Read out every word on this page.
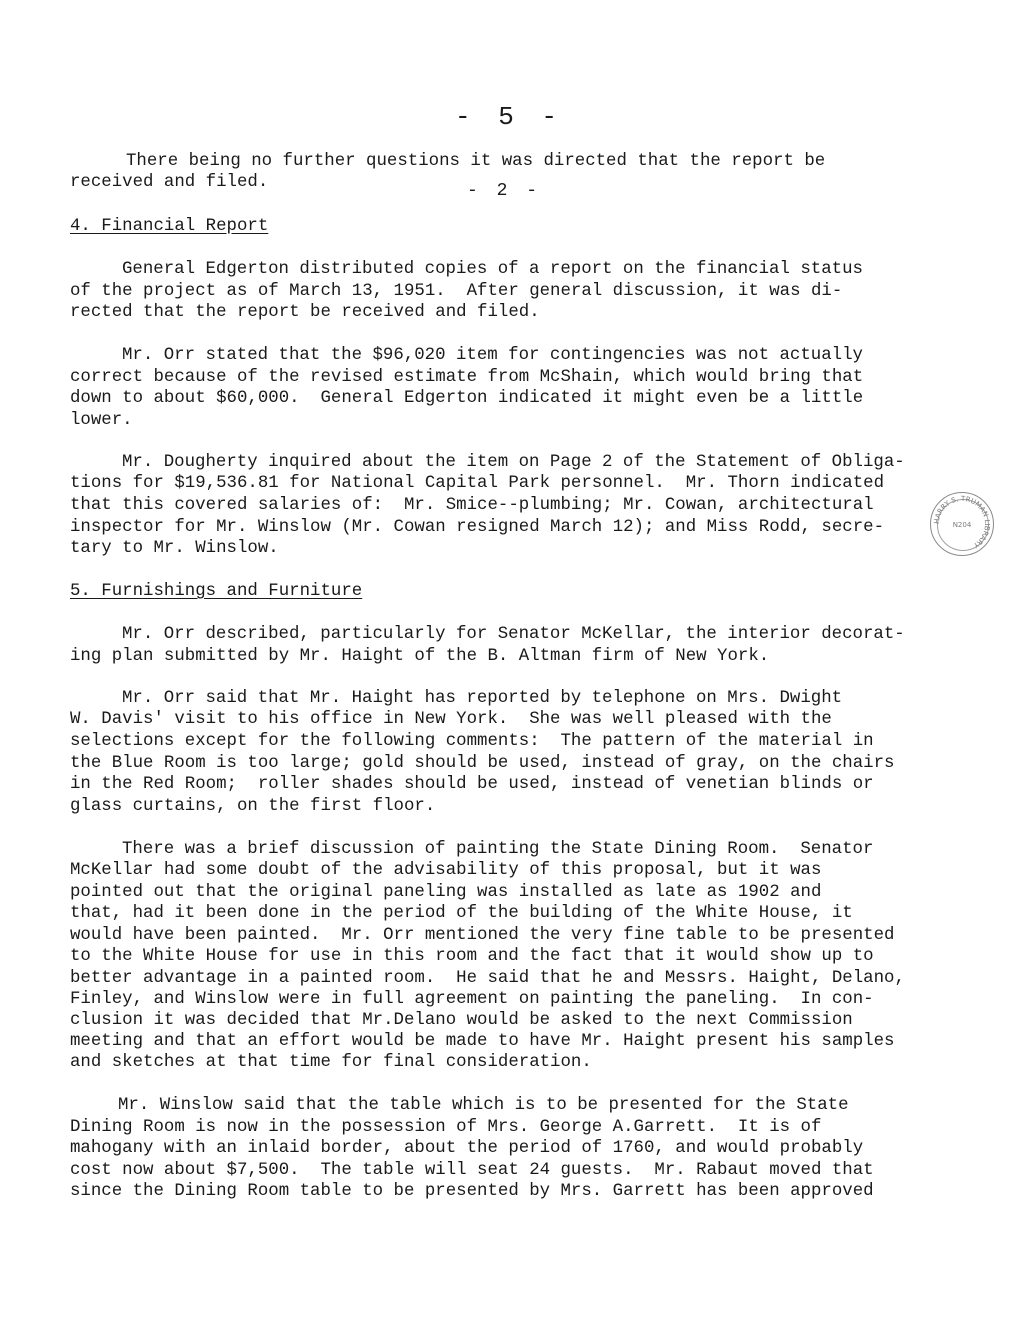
- 5 -
- 2 -
There being no further questions it was directed that the report be
received and filed.
4. Financial Report
General Edgerton distributed copies of a report on the financial status
of the project as of March 13, 1951.  After general discussion, it was di-
rected that the report be received and filed.
Mr. Orr stated that the $96,020 item for contingencies was not actually
correct because of the revised estimate from McShain, which would bring that
down to about $60,000.  General Edgerton indicated it might even be a little
lower.
Mr. Dougherty inquired about the item on Page 2 of the Statement of Obliga-
tions for $19,536.81 for National Capital Park personnel.  Mr. Thorn indicated
that this covered salaries of:  Mr. Smice--plumbing; Mr. Cowan, architectural
inspector for Mr. Winslow (Mr. Cowan resigned March 12); and Miss Rodd, secre-
tary to Mr. Winslow.
5. Furnishings and Furniture
Mr. Orr described, particularly for Senator McKellar, the interior decorat-
ing plan submitted by Mr. Haight of the B. Altman firm of New York.
Mr. Orr said that Mr. Haight has reported by telephone on Mrs. Dwight
W. Davis' visit to his office in New York.  She was well pleased with the
selections except for the following comments:  The pattern of the material in
the Blue Room is too large; gold should be used, instead of gray, on the chairs
in the Red Room;  roller shades should be used, instead of venetian blinds or
glass curtains, on the first floor.
There was a brief discussion of painting the State Dining Room.  Senator
McKellar had some doubt of the advisability of this proposal, but it was
pointed out that the original paneling was installed as late as 1902 and
that, had it been done in the period of the building of the White House, it
would have been painted.  Mr. Orr mentioned the very fine table to be presented
to the White House for use in this room and the fact that it would show up to
better advantage in a painted room.  He said that he and Messrs. Haight, Delano,
Finley, and Winslow were in full agreement on painting the paneling.  In con-
clusion it was decided that Mr.Delano would be asked to the next Commission
meeting and that an effort would be made to have Mr. Haight present his samples
and sketches at that time for final consideration.
Mr. Winslow said that the table which is to be presented for the State
Dining Room is now in the possession of Mrs. George A.Garrett.  It is of
mahogany with an inlaid border, about the period of 1760, and would probably
cost now about $7,500.  The table will seat 24 guests.  Mr. Rabaut moved that
since the Dining Room table to be presented by Mrs. Garrett has been approved
HARRY S. TRUMAN LIBRARY
N204
